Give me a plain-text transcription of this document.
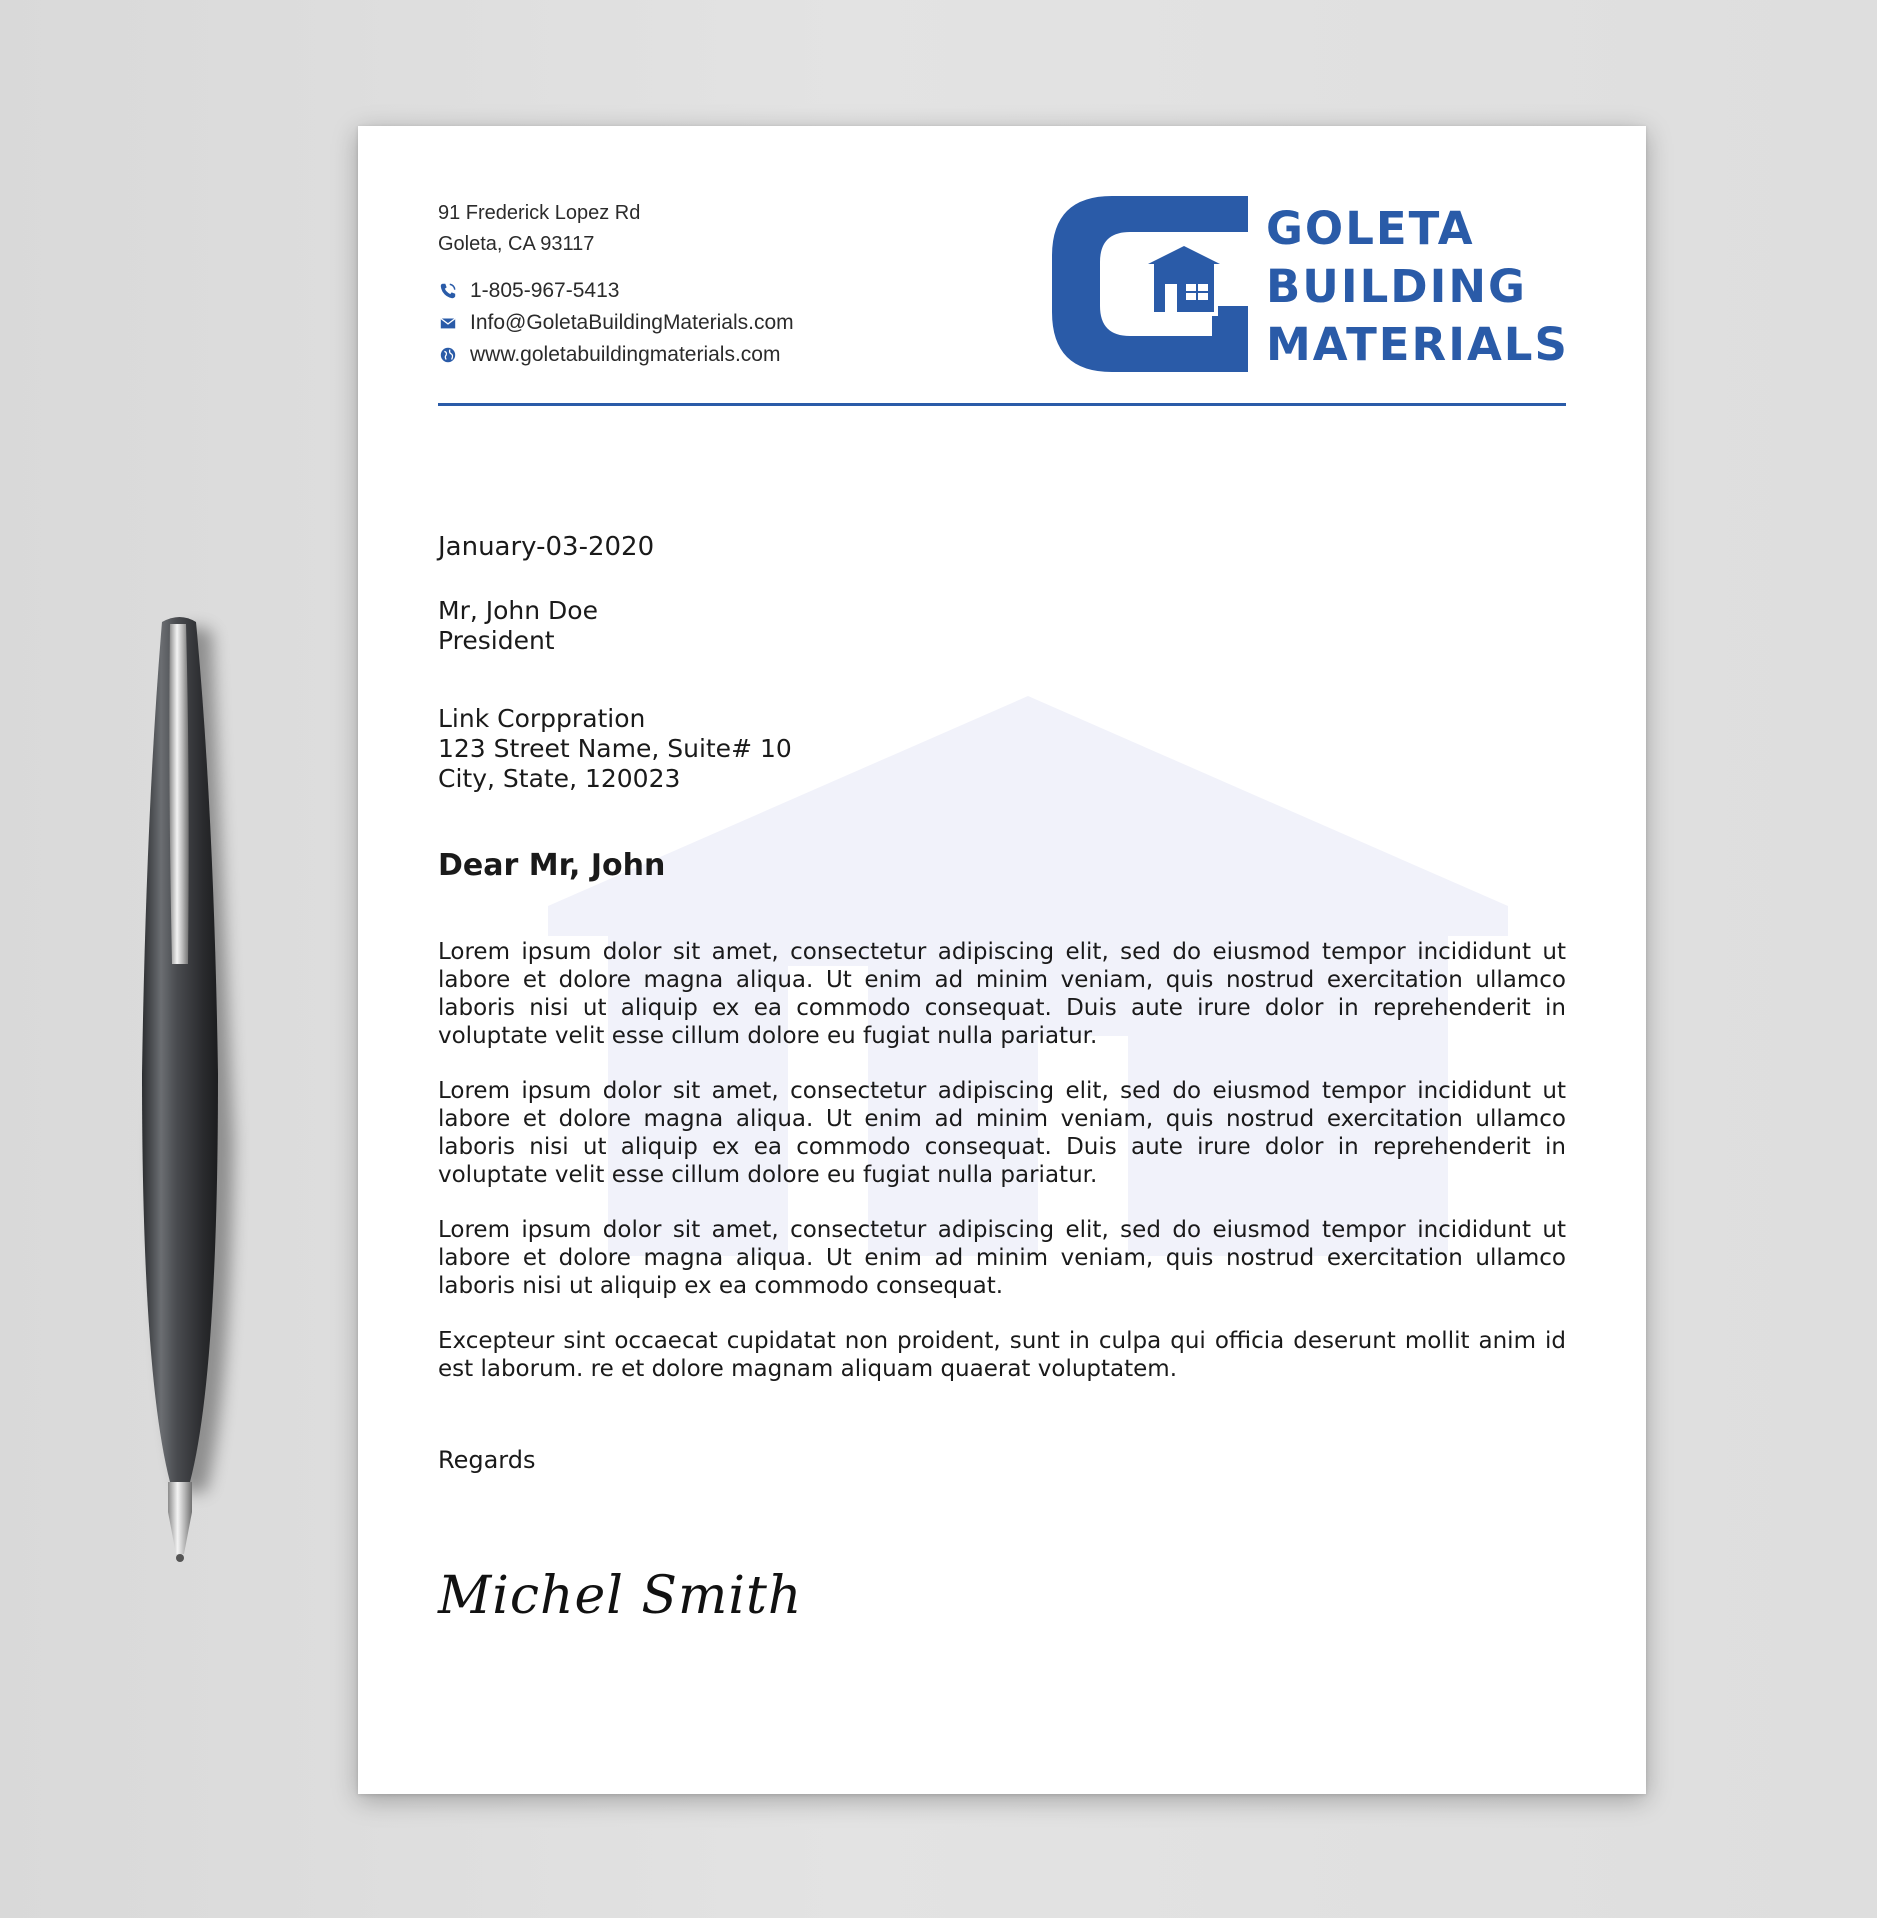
91 Frederick Lopez Rd
Goleta, CA 93117
1-805-967-5413
Info@GoletaBuildingMaterials.com
www.goletabuildingmaterials.com
GOLETA
BUILDING
MATERIALS
January-03-2020
Mr, John Doe
President
Link Corppration
123 Street Name, Suite# 10
City, State, 120023
Dear Mr, John

Lorem ipsum dolor sit amet, consectetur adipiscing elit, sed do eiusmod tempor incididunt ut labore et dolore magna aliqua. Ut enim ad minim veniam, quis nostrud exercitation ullamco laboris nisi ut aliquip ex ea commodo consequat. Duis aute irure dolor in reprehenderit in voluptate velit esse cillum dolore eu fugiat nulla pariatur.

Lorem ipsum dolor sit amet, consectetur adipiscing elit, sed do eiusmod tempor incididunt ut labore et dolore magna aliqua. Ut enim ad minim veniam, quis nostrud exercitation ullamco laboris nisi ut aliquip ex ea commodo consequat. Duis aute irure dolor in reprehenderit in voluptate velit esse cillum dolore eu fugiat nulla pariatur.

Lorem ipsum dolor sit amet, consectetur adipiscing elit, sed do eiusmod tempor incididunt ut labore et dolore magna aliqua. Ut enim ad minim veniam, quis nostrud exercitation ullamco laboris nisi ut aliquip ex ea commodo consequat.

Excepteur sint occaecat cupidatat non proident, sunt in culpa qui officia deserunt mollit anim id est laborum. re et dolore magnam aliquam quaerat voluptatem.

Regards
Michel Smith
